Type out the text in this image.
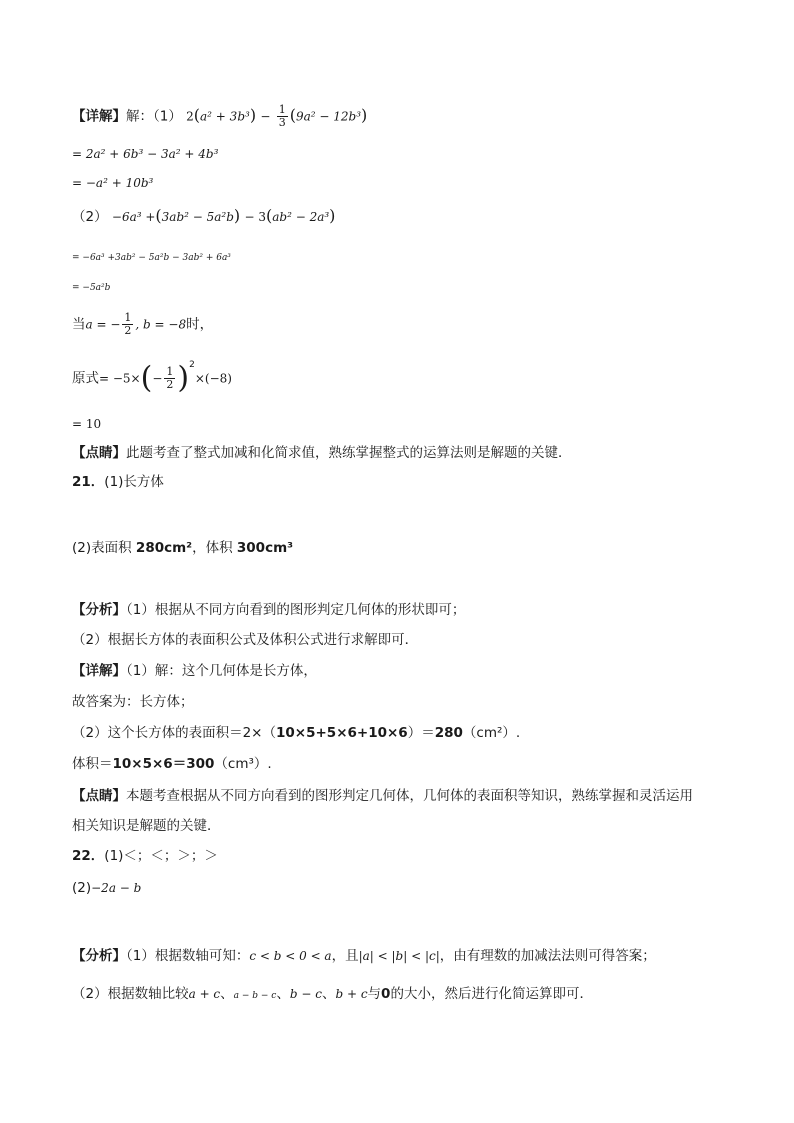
【详解】解：（1） $2(a^2 + 3b^3) - \frac{1}{3} (9a^2 - 12b^3)$
= 2a² + 6b³ − 3a² + 4b³
= −a² + 10b³
（2） −6a³ +(3ab² − 5a²b) − 3(ab² − 2a³)
= −6a³ +3ab² − 5a²b − 3ab² + 6a³
= −5a²b
当a = − $\frac{1}{2}$ , b = −8时，
原式= $-5\times(- \frac{1}{2} )^2\times(-8)$
= 10
【点睛】此题考查了整式加减和化简求值，熟练掌握整式的运算法则是解题的关键．
21．(1)长方体
(2)表面积 280cm²，体积 300cm³
【分析】（1）根据从不同方向看到的图形判定几何体的形状即可；
（2）根据长方体的表面积公式及体积公式进行求解即可．
【详解】（1）解：这个几何体是长方体，
故答案为：长方体；
（2）这个长方体的表面积＝2×（10×5+5×6+10×6）＝280（cm²）.
体积＝10×5×6＝300（cm³）.
【点睛】本题考查根据从不同方向看到的图形判定几何体，几何体的表面积等知识，熟练掌握和灵活运用
相关知识是解题的关键．
22．(1)＜；＜；＞；＞
(2)−2a − b
【分析】（1）根据数轴可知：c < b < 0 < a，且|a| < |b| < |c|，由有理数的加减法法则可得答案；
（2）根据数轴比较a + c、a − b − c、b − c、b + c与0的大小，然后进行化简运算即可．
